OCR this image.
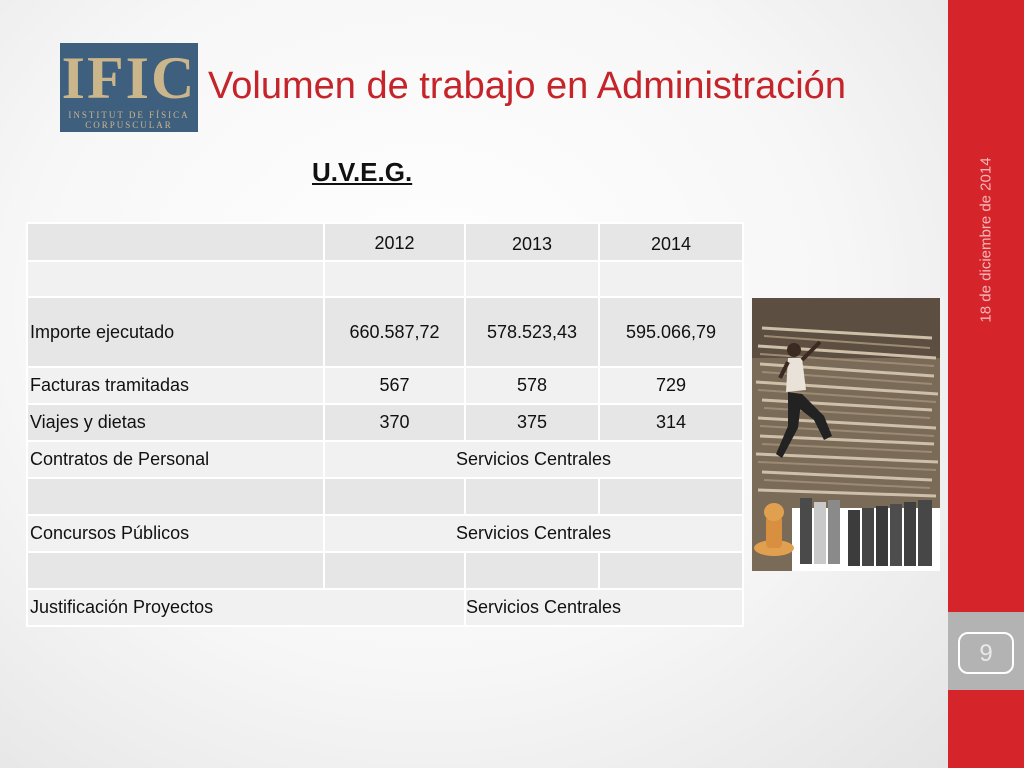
IFIC
INSTITUT DE FÍSICA
CORPUSCULAR
Volumen de trabajo en Administración
U.V.E.G.
	2012	2013	2014

Importe ejecutado	660.587,72	578.523,43	595.066,79
Facturas tramitadas	567	578	729
Viajes y dietas	370	375	314
Contratos de Personal	Servicios Centrales		

Concursos Públicos	Servicios Centrales		

Justificación Proyectos		Servicios Centrales	
18 de diciembre de 2014
9
